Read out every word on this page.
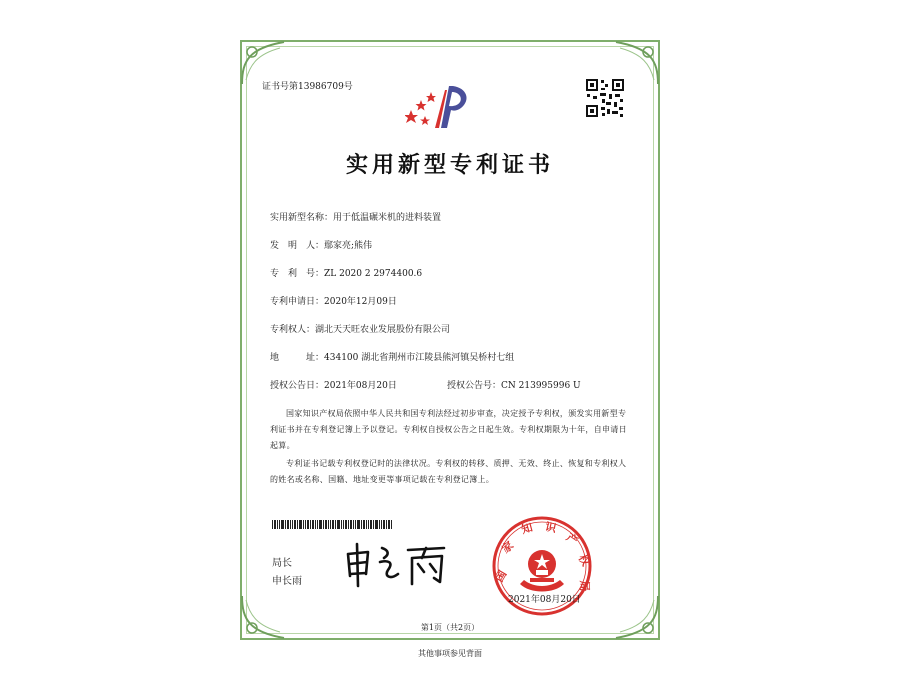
证书号第13986709号
实用新型专利证书
实用新型名称：用于低温碾米机的进料装置
发　明　人：鄢家亮;熊伟
专　利　号：ZL 2020 2 2974400.6
专利申请日：2020年12月09日
专利权人：湖北天天旺农业发展股份有限公司
地　　　址：434100 湖北省荆州市江陵县熊河镇吴桥村七组
授权公告日：2021年08月20日	授权公告号：CN 213995996 U
国家知识产权局依照中华人民共和国专利法经过初步审查，决定授予专利权，颁发实用新型专利证书并在专利登记簿上予以登记。专利权自授权公告之日起生效。专利权期限为十年，自申请日起算。
专利证书记载专利权登记时的法律状况。专利权的转移、质押、无效、终止、恢复和专利权人的姓名或名称、国籍、地址变更等事项记载在专利登记簿上。
局长
申长雨	国
家
知 识
产
权
局
2021年08月20日
第1页（共2页）
其他事项参见背面
